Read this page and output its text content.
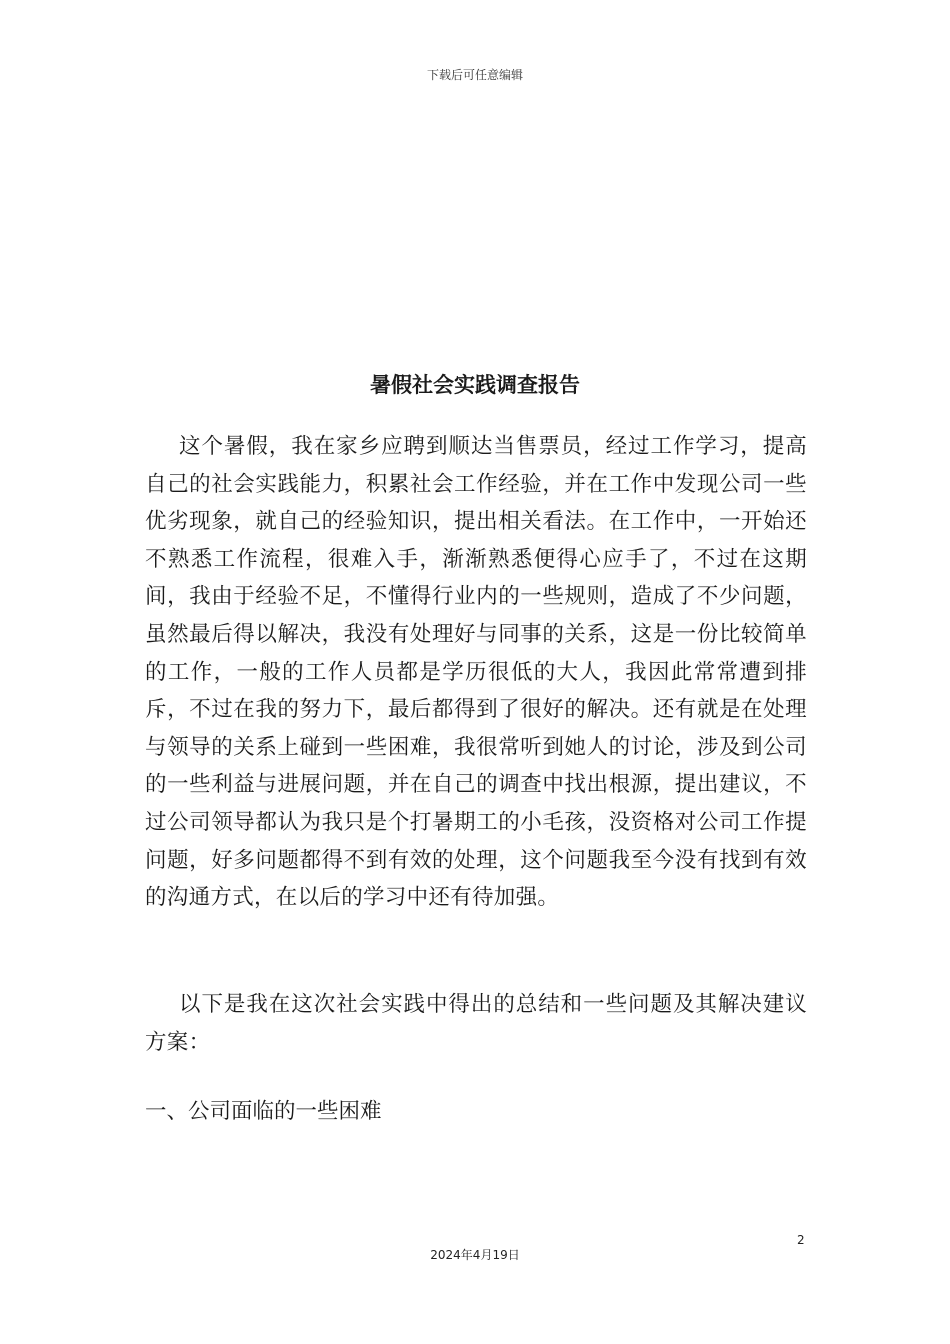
下载后可任意编辑
暑假社会实践调查报告

这个暑假，我在家乡应聘到顺达当售票员，经过工作学习，提高自己的社会实践能力，积累社会工作经验，并在工作中发现公司一些优劣现象，就自己的经验知识，提出相关看法。在工作中，一开始还不熟悉工作流程，很难入手，渐渐熟悉便得心应手了，不过在这期间，我由于经验不足，不懂得行业内的一些规则，造成了不少问题，虽然最后得以解决，我没有处理好与同事的关系，这是一份比较简单的工作，一般的工作人员都是学历很低的大人，我因此常常遭到排斥，不过在我的努力下，最后都得到了很好的解决。还有就是在处理与领导的关系上碰到一些困难，我很常听到她人的讨论，涉及到公司的一些利益与进展问题，并在自己的调查中找出根源，提出建议，不过公司领导都认为我只是个打暑期工的小毛孩，没资格对公司工作提问题，好多问题都得不到有效的处理，这个问题我至今没有找到有效的沟通方式，在以后的学习中还有待加强。

以下是我在这次社会实践中得出的总结和一些问题及其解决建议方案：

一、公司面临的一些困难

2
2024年4月19日
